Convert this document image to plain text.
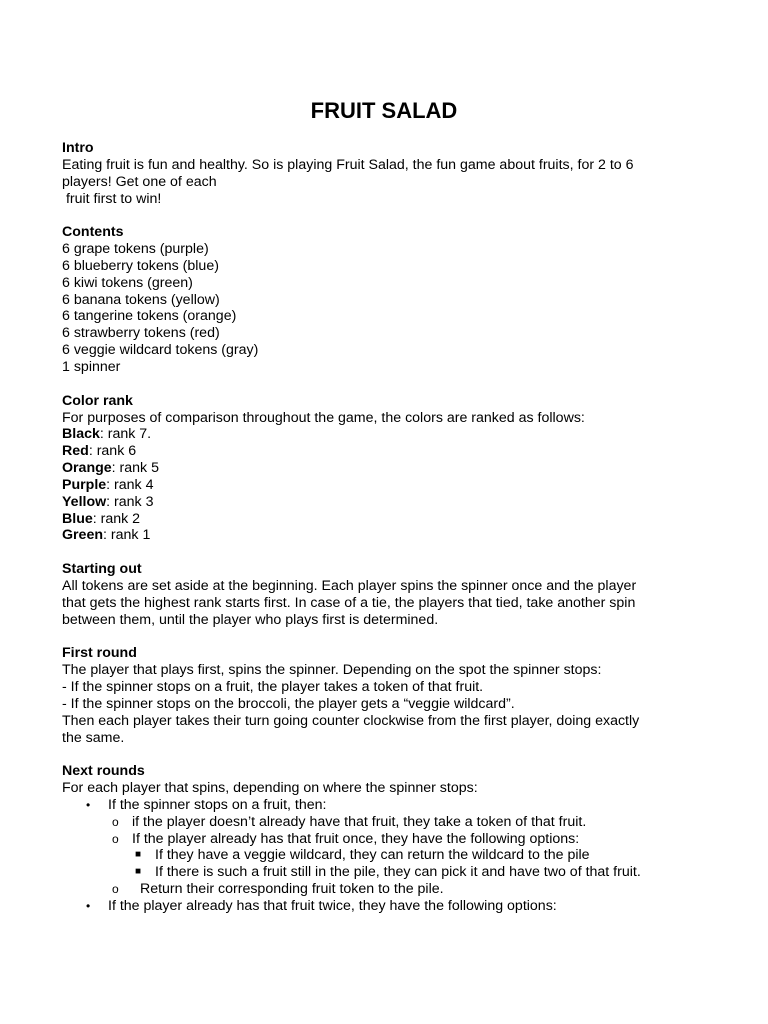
FRUIT SALAD
Intro
Eating fruit is fun and healthy. So is playing Fruit Salad, the fun game about fruits, for 2 to 6
players! Get one of each
fruit first to win!
Contents
6 grape tokens (purple)
6 blueberry tokens (blue)
6 kiwi tokens (green)
6 banana tokens (yellow)
6 tangerine tokens (orange)
6 strawberry tokens (red)
6 veggie wildcard tokens (gray)
1 spinner
Color rank
For purposes of comparison throughout the game, the colors are ranked as follows:
Black: rank 7.
Red: rank 6
Orange: rank 5
Purple: rank 4
Yellow: rank 3
Blue: rank 2
Green: rank 1
Starting out
All tokens are set aside at the beginning. Each player spins the spinner once and the player
that gets the highest rank starts first. In case of a tie, the players that tied, take another spin
between them, until the player who plays first is determined.
First round
The player that plays first, spins the spinner. Depending on the spot the spinner stops:
- If the spinner stops on a fruit, the player takes a token of that fruit.
- If the spinner stops on the broccoli, the player gets a “veggie wildcard”.
Then each player takes their turn going counter clockwise from the first player, doing exactly
the same.
Next rounds
For each player that spins, depending on where the spinner stops:
• If the spinner stops on a fruit, then:
o if the player doesn’t already have that fruit, they take a token of that fruit.
o If the player already has that fruit once, they have the following options:
■ If they have a veggie wildcard, they can return the wildcard to the pile
■ If there is such a fruit still in the pile, they can pick it and have two of that fruit.
o Return their corresponding fruit token to the pile.
• If the player already has that fruit twice, they have the following options:
